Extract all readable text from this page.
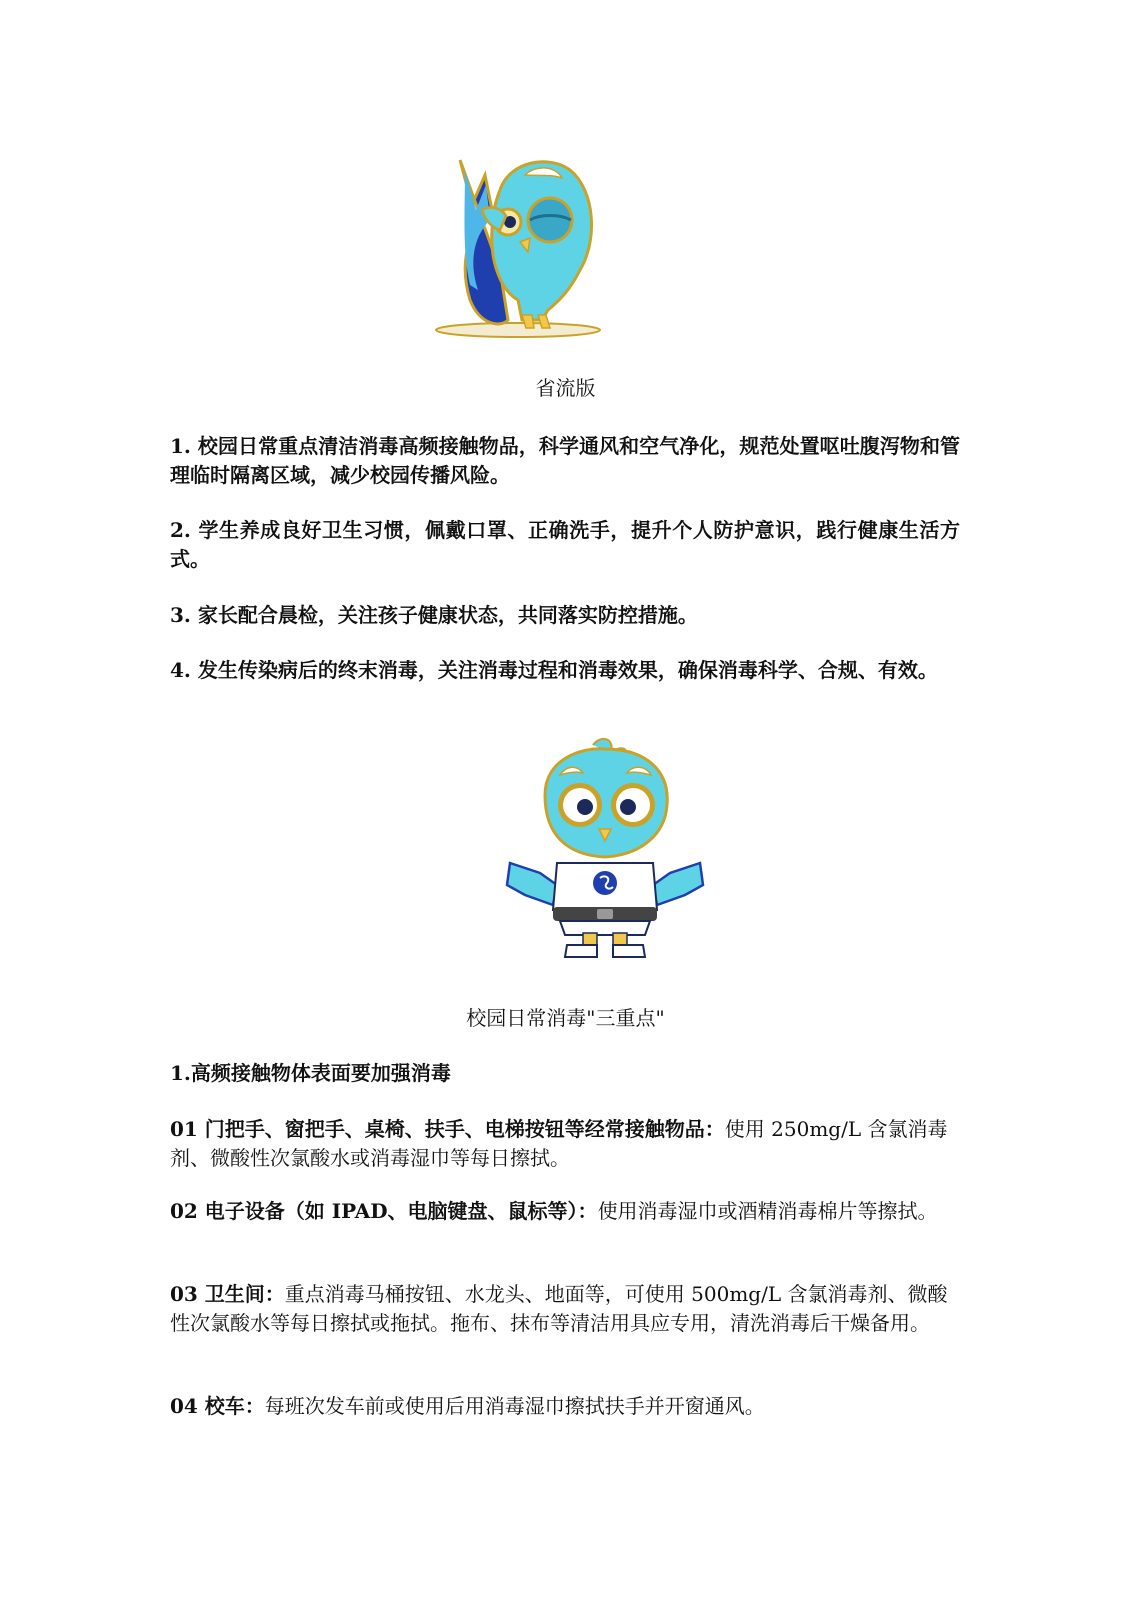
省流版
1. 校园日常重点清洁消毒高频接触物品，科学通风和空气净化，规范处置呕吐腹泻物和管理临时隔离区域，减少校园传播风险。
2. 学生养成良好卫生习惯，佩戴口罩、正确洗手，提升个人防护意识，践行健康生活方式。
3. 家长配合晨检，关注孩子健康状态，共同落实防控措施。
4. 发生传染病后的终末消毒，关注消毒过程和消毒效果，确保消毒科学、合规、有效。
校园日常消毒"三重点"
1.高频接触物体表面要加强消毒
01 门把手、窗把手、桌椅、扶手、电梯按钮等经常接触物品：使用 250mg/L 含氯消毒剂、微酸性次氯酸水或消毒湿巾等每日擦拭。
02 电子设备（如 IPAD、电脑键盘、鼠标等）：使用消毒湿巾或酒精消毒棉片等擦拭。
03 卫生间：重点消毒马桶按钮、水龙头、地面等，可使用 500mg/L 含氯消毒剂、微酸性次氯酸水等每日擦拭或拖拭。拖布、抹布等清洁用具应专用，清洗消毒后干燥备用。
04 校车：每班次发车前或使用后用消毒湿巾擦拭扶手并开窗通风。
